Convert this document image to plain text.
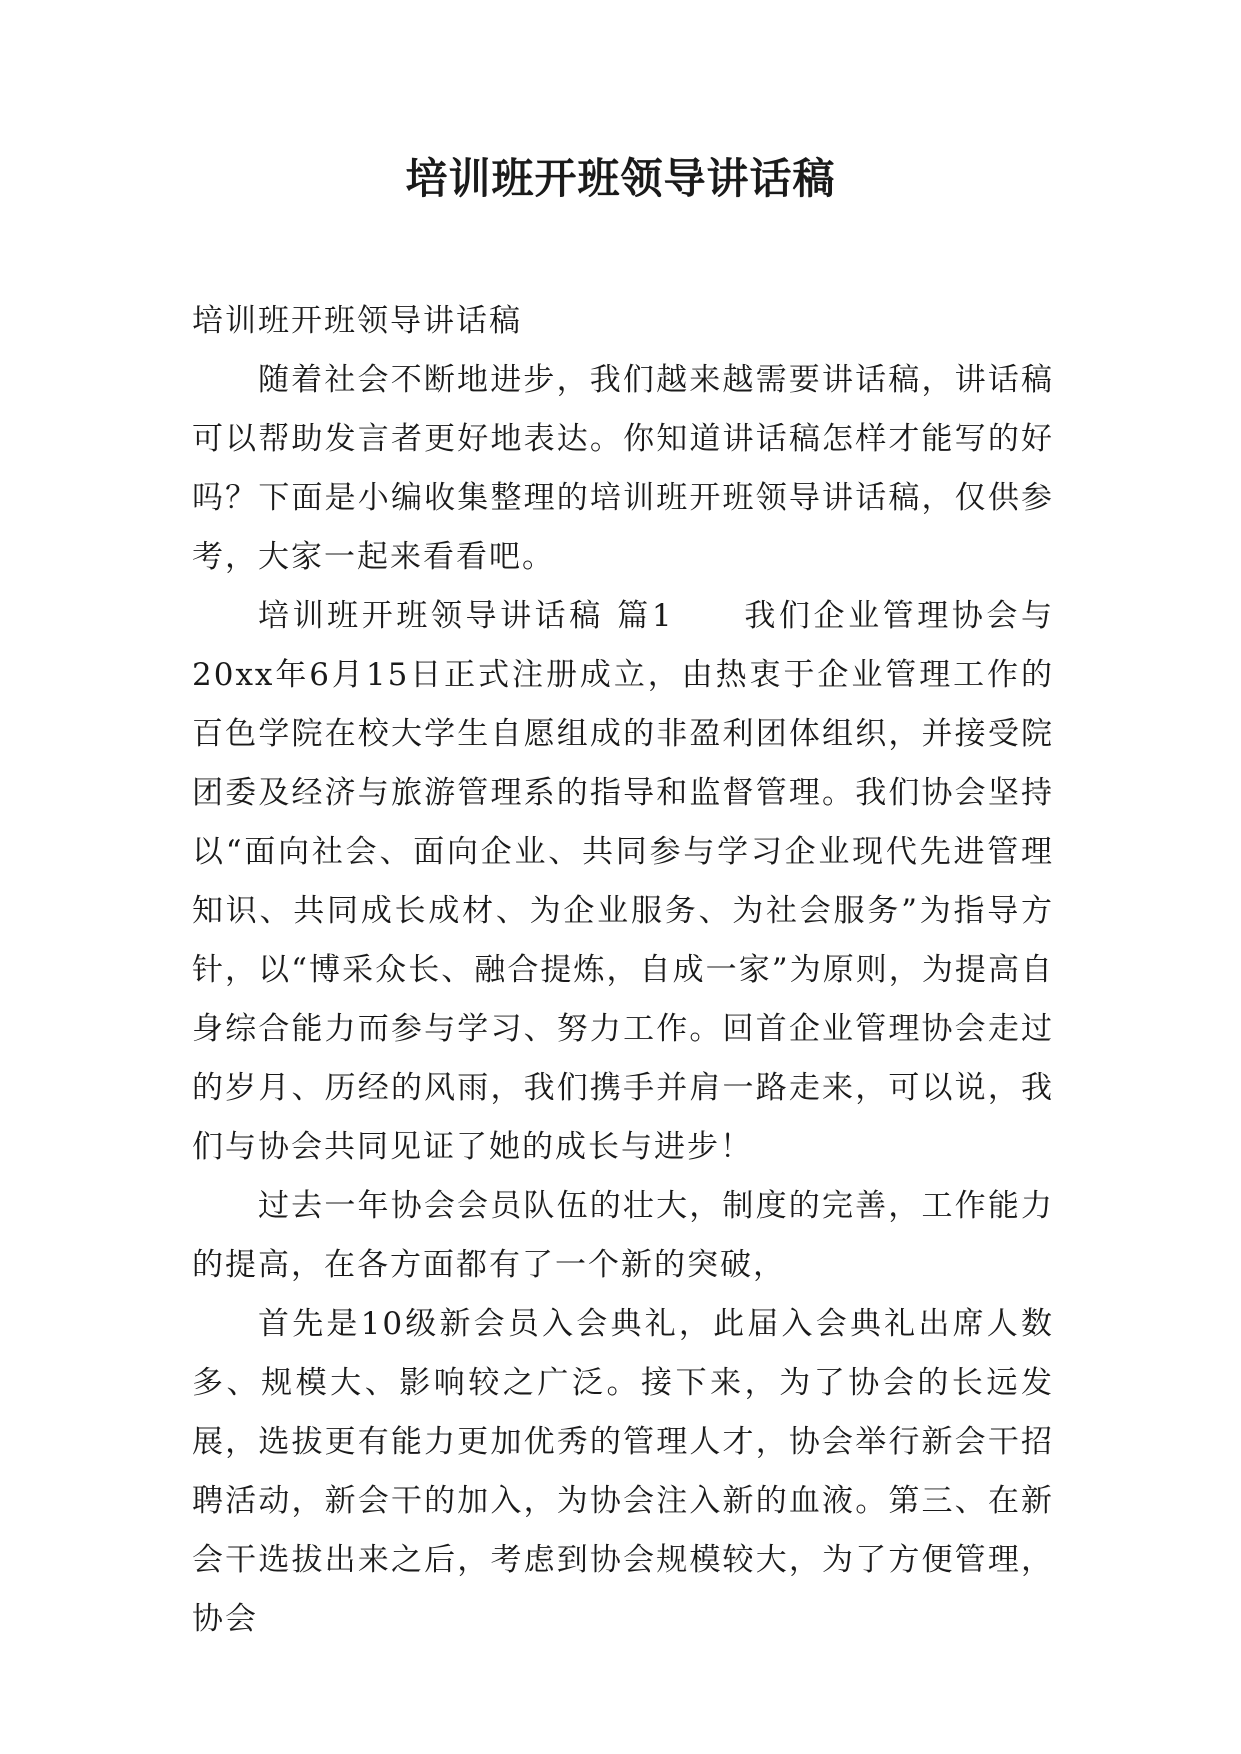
培训班开班领导讲话稿

培训班开班领导讲话稿

随着社会不断地进步，我们越来越需要讲话稿，讲话稿可以帮助发言者更好地表达。你知道讲话稿怎样才能写的好吗？下面是小编收集整理的培训班开班领导讲话稿，仅供参考，大家一起来看看吧。

培训班开班领导讲话稿 篇1　　我们企业管理协会与20xx年6月15日正式注册成立，由热衷于企业管理工作的百色学院在校大学生自愿组成的非盈利团体组织，并接受院团委及经济与旅游管理系的指导和监督管理。我们协会坚持以“面向社会、面向企业、共同参与学习企业现代先进管理知识、共同成长成材、为企业服务、为社会服务”为指导方针，以“博采众长、融合提炼，自成一家”为原则，为提高自身综合能力而参与学习、努力工作。回首企业管理协会走过的岁月、历经的风雨，我们携手并肩一路走来，可以说，我们与协会共同见证了她的成长与进步！

过去一年协会会员队伍的壮大，制度的完善，工作能力的提高，在各方面都有了一个新的突破，

首先是10级新会员入会典礼，此届入会典礼出席人数多、规模大、影响较之广泛。接下来，为了协会的长远发展，选拔更有能力更加优秀的管理人才，协会举行新会干招聘活动，新会干的加入，为协会注入新的血液。第三、在新会干选拔出来之后，考虑到协会规模较大，为了方便管理，协会
